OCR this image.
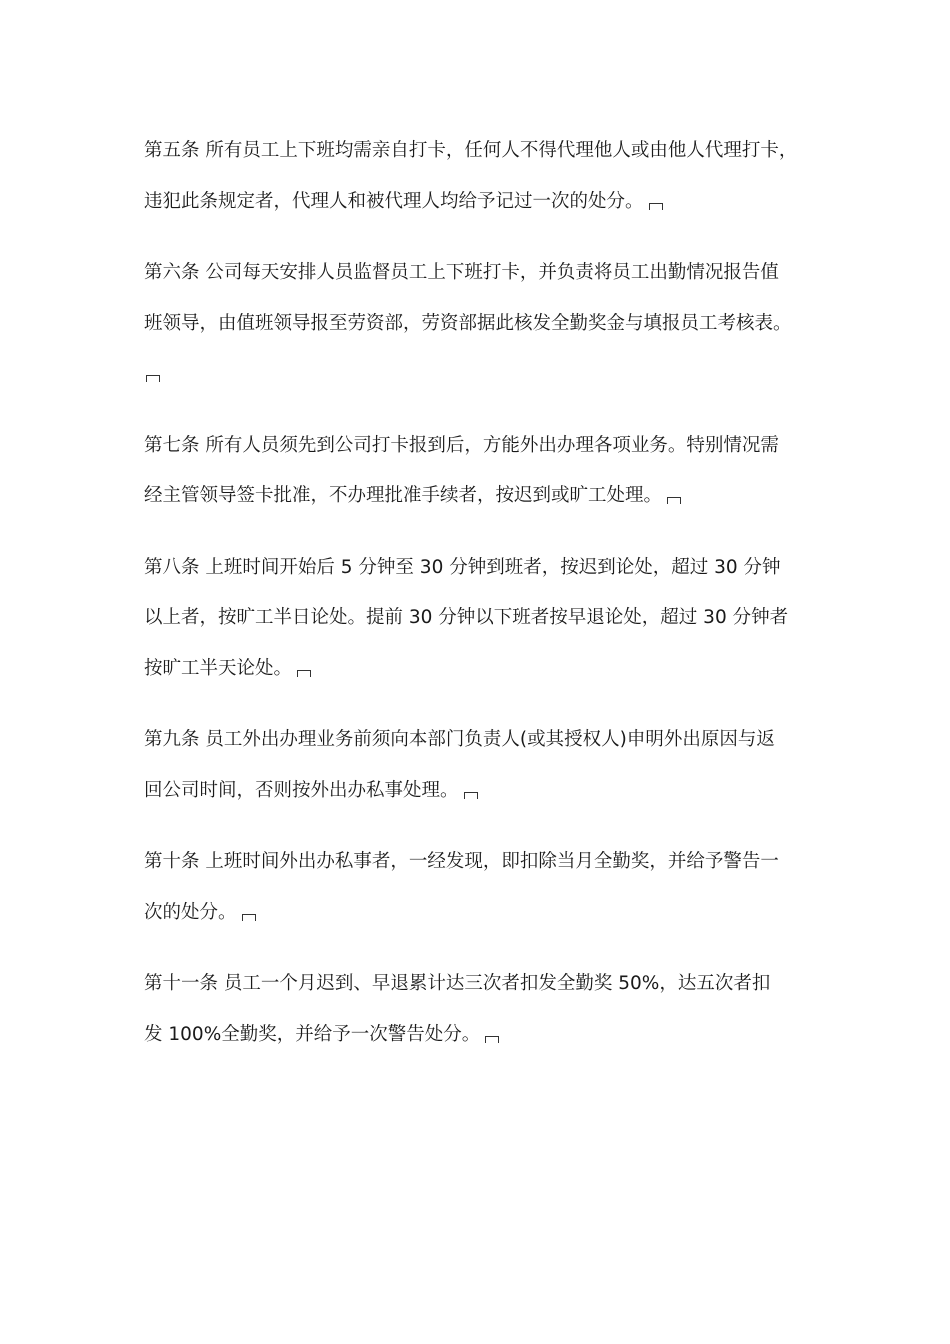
第五条 所有员工上下班均需亲自打卡，任何人不得代理他人或由他人代理打卡，
违犯此条规定者，代理人和被代理人均给予记过一次的处分。

第六条 公司每天安排人员监督员工上下班打卡，并负责将员工出勤情况报告值
班领导，由值班领导报至劳资部，劳资部据此核发全勤奖金与填报员工考核表。

第七条 所有人员须先到公司打卡报到后，方能外出办理各项业务。特别情况需
经主管领导签卡批准，不办理批准手续者，按迟到或旷工处理。

第八条 上班时间开始后 5 分钟至 30 分钟到班者，按迟到论处，超过 30 分钟
以上者，按旷工半日论处。提前 30 分钟以下班者按早退论处，超过 30 分钟者
按旷工半天论处。

第九条 员工外出办理业务前须向本部门负责人(或其授权人)申明外出原因与返
回公司时间，否则按外出办私事处理。

第十条 上班时间外出办私事者，一经发现，即扣除当月全勤奖，并给予警告一
次的处分。

第十一条 员工一个月迟到、早退累计达三次者扣发全勤奖 50%，达五次者扣
发 100%全勤奖，并给予一次警告处分。
